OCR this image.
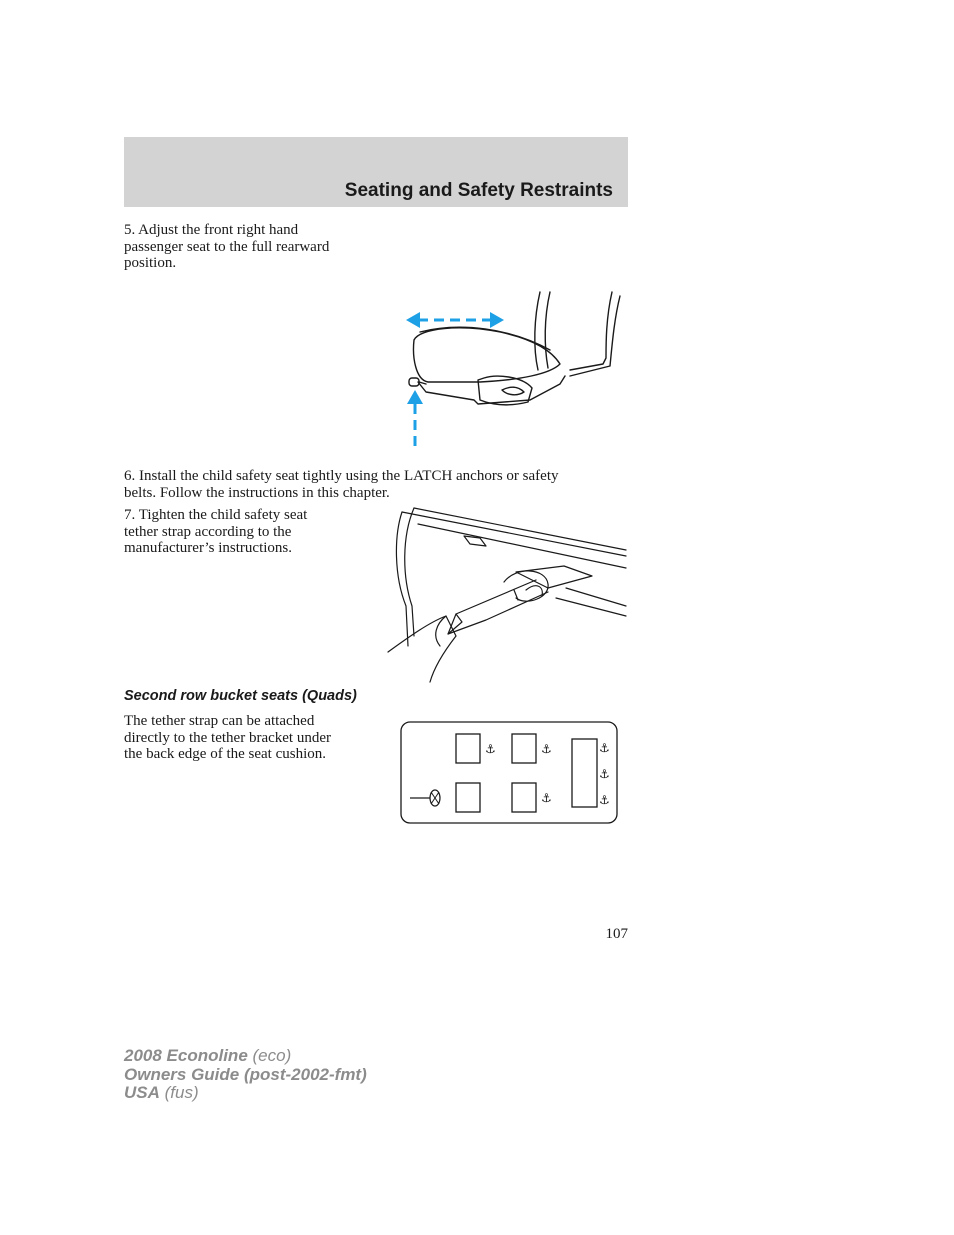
Seating and Safety Restraints

5. Adjust the front right hand
passenger seat to the full rearward
position.

6. Install the child safety seat tightly using the LATCH anchors or safety
belts. Follow the instructions in this chapter.

7. Tighten the child safety seat
tether strap according to the
manufacturer’s instructions.

Second row bucket seats (Quads)

The tether strap can be attached
directly to the tether bracket under
the back edge of the seat cushion.	⚓	⚓
⚓
⚓
⚓
⚓
107
2008 Econoline (eco)
Owners Guide (post-2002-fmt)
USA (fus)
